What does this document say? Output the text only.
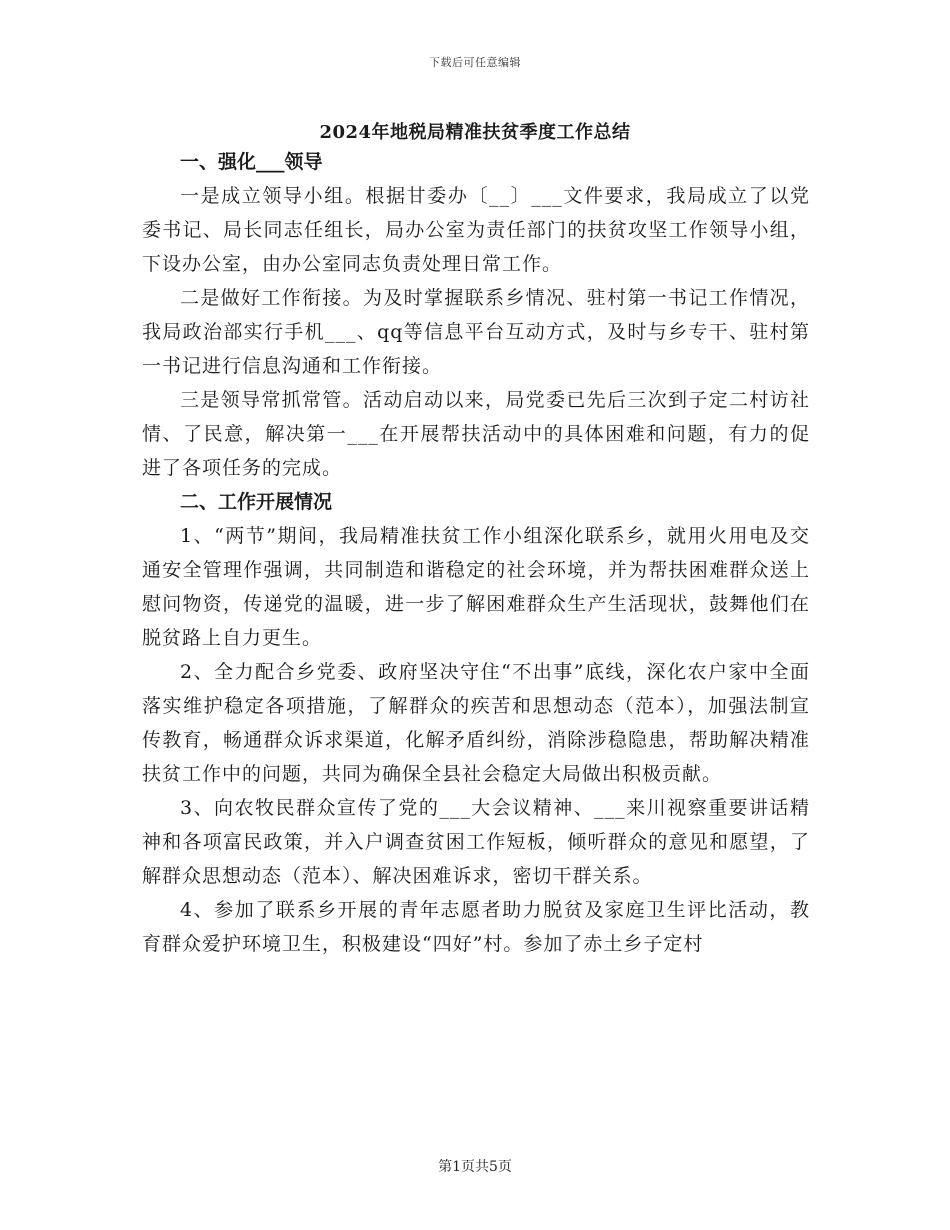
下载后可任意编辑
2024年地税局精准扶贫季度工作总结

一、强化___领导

一是成立领导小组。根据甘委办〔__〕___文件要求，我局成立了以党委书记、局长同志任组长，局办公室为责任部门的扶贫攻坚工作领导小组，下设办公室，由办公室同志负责处理日常工作。

二是做好工作衔接。为及时掌握联系乡情况、驻村第一书记工作情况，我局政治部实行手机___、qq等信息平台互动方式，及时与乡专干、驻村第一书记进行信息沟通和工作衔接。

三是领导常抓常管。活动启动以来，局党委已先后三次到子定二村访社情、了民意，解决第一___在开展帮扶活动中的具体困难和问题，有力的促进了各项任务的完成。

二、工作开展情况

1、“两节”期间，我局精准扶贫工作小组深化联系乡，就用火用电及交通安全管理作强调，共同制造和谐稳定的社会环境，并为帮扶困难群众送上慰问物资，传递党的温暖，进一步了解困难群众生产生活现状，鼓舞他们在脱贫路上自力更生。

2、全力配合乡党委、政府坚决守住“不出事”底线，深化农户家中全面落实维护稳定各项措施，了解群众的疾苦和思想动态（范本），加强法制宣传教育，畅通群众诉求渠道，化解矛盾纠纷，消除涉稳隐患，帮助解决精准扶贫工作中的问题，共同为确保全县社会稳定大局做出积极贡献。

3、向农牧民群众宣传了党的___大会议精神、___来川视察重要讲话精神和各项富民政策，并入户调查贫困工作短板，倾听群众的意见和愿望，了解群众思想动态（范本）、解决困难诉求，密切干群关系。

4、参加了联系乡开展的青年志愿者助力脱贫及家庭卫生评比活动，教育群众爱护环境卫生，积极建设“四好”村。参加了赤土乡子定村

第1页共5页
